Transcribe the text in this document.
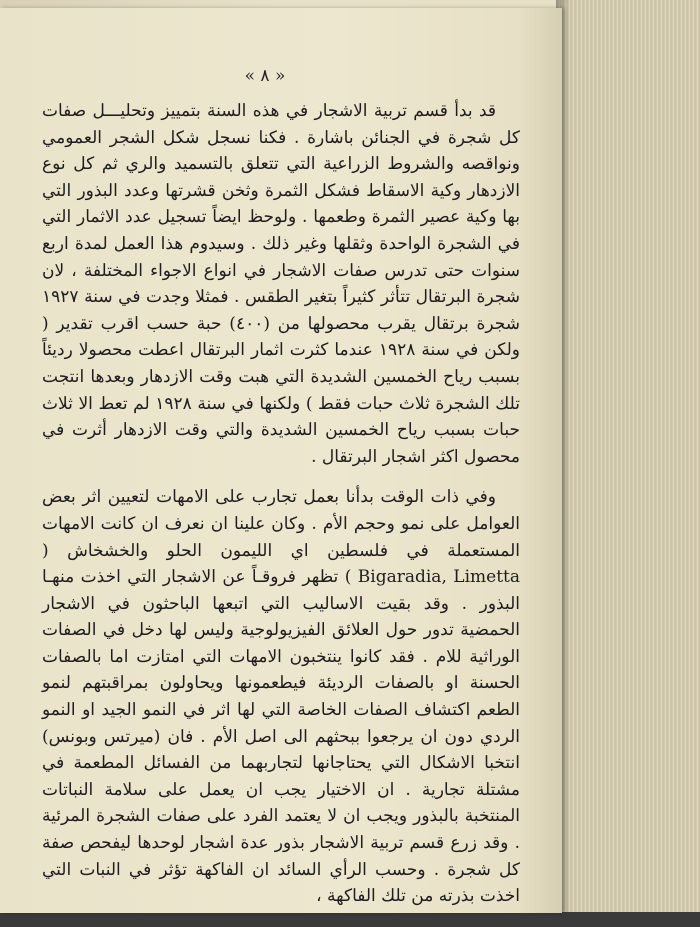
« ٨ »

قد بدأ قسم تربية الاشجار في هذه السنة بتمييز وتحليـــل صفات كل شجرة في الجنائن باشارة . فكنا نسجل شكل الشجر العمومي ونواقصه والشروط الزراعية التي تتعلق بالتسميد والري ثم كل نوع الازدهار وكية الاسقاط فشكل الثمرة وثخن قشرتها وعدد البذور التي بها وكية عصير الثمرة وطعمها . ولوحظ ايضاً تسجيل عدد الاثمار التي في الشجرة الواحدة وثقلها وغير ذلك . وسيدوم هذا العمل لمدة اربع سنوات حتى تدرس صفات الاشجار في انواع الاجواء المختلفة ، لان شجرة البرتقال تتأثر كثيراً بتغير الطقس . فمثلا وجدت في سنة ١٩٢٧ شجرة برتقال يقرب محصولها من (٤٠٠) حبة حسب اقرب تقدير ( ولكن في سنة ١٩٢٨ عندما كثرت اثمار البرتقال اعطت محصولا رديئاً بسبب رياح الخمسين الشديدة التي هبت وقت الازدهار وبعدها انتجت تلك الشجرة ثلاث حبات فقط ) ولكنها في سنة ١٩٢٨ لم تعط الا ثلاث حبات بسبب رياح الخمسين الشديدة والتي وقت الازدهار أثرت في محصول اكثر اشجار البرتقال .

وفي ذات الوقت بدأنا بعمل تجارب على الامهات لتعيين اثر بعض العوامل على نمو وحجم الأم . وكان علينا ان نعرف ان كانت الامهات المستعملة في فلسطين اي الليمون الحلو والخشخاش ( Bigaradia, Limetta ) تظهر فروقـاً عن الاشجار التي اخذت منهـا البذور . وقد بقيت الاساليب التي اتبعها الباحثون في الاشجار الحمضية تدور حول العلائق الفيزيولوجية وليس لها دخل في الصفات الوراثية للام . فقد كانوا ينتخبون الامهات التي امتازت اما بالصفات الحسنة او بالصفات الرديئة فيطعمونها ويحاولون بمراقبتهم لنمو الطعم اكتشاف الصفات الخاصة التي لها اثر في النمو الجيد او النمو الردي دون ان يرجعوا ببحثهم الى اصل الأم . فان (ميرتس وبونس) انتخبا الاشكال التي يحتاجانها لتجاربهما من الفسائل المطعمة في مشتلة تجارية . ان الاختيار يجب ان يعمل على سلامة النباتات المنتخبة بالبذور ويجب ان لا يعتمد الفرد على صفات الشجرة المرئية . وقد زرع قسم تربية الاشجار بذور عدة اشجار لوحدها ليفحص صفة كل شجرة . وحسب الرأي السائد ان الفاكهة تؤثر في النبات التي اخذت بذرته من تلك الفاكهة ،
